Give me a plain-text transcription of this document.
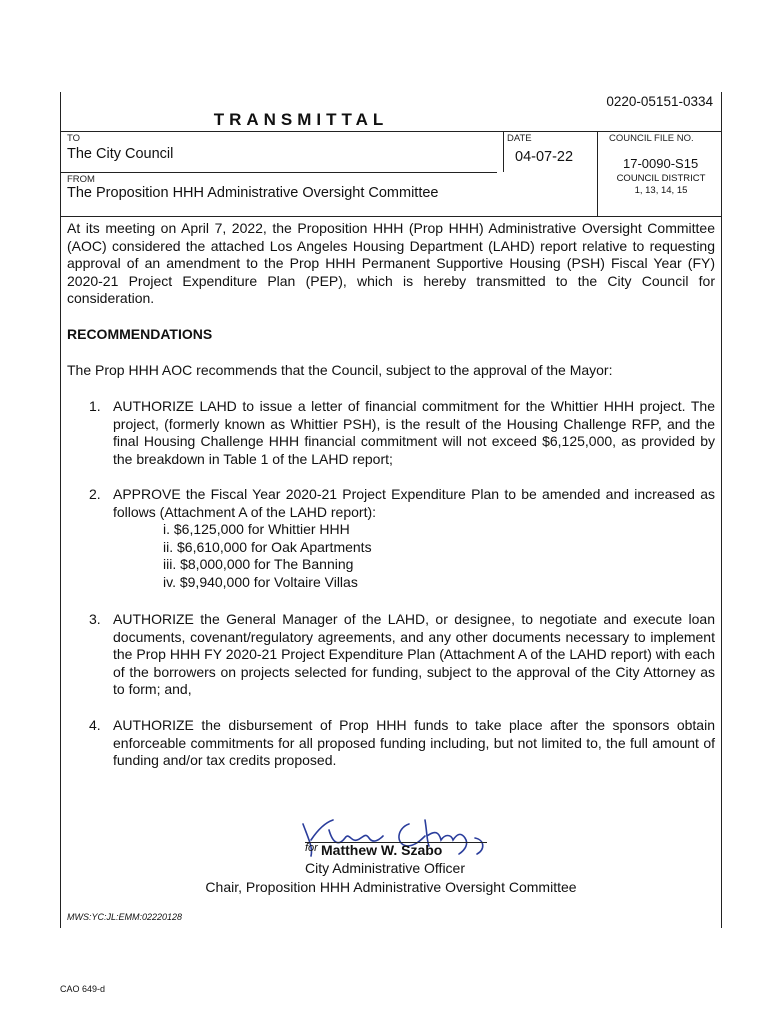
0220-05151-0334
TRANSMITTAL
TO
The City Council
DATE
04-07-22
COUNCIL FILE NO.
17-0090-S15
FROM
The Proposition HHH Administrative Oversight Committee
COUNCIL DISTRICT
1, 13, 14, 15
At its meeting on April 7, 2022, the Proposition HHH (Prop HHH) Administrative Oversight Committee (AOC) considered the attached Los Angeles Housing Department (LAHD) report relative to requesting approval of an amendment to the Prop HHH Permanent Supportive Housing (PSH) Fiscal Year (FY) 2020-21 Project Expenditure Plan (PEP), which is hereby transmitted to the City Council for consideration.
RECOMMENDATIONS
The Prop HHH AOC recommends that the Council, subject to the approval of the Mayor:
1. AUTHORIZE LAHD to issue a letter of financial commitment for the Whittier HHH project. The project, (formerly known as Whittier PSH), is the result of the Housing Challenge RFP, and the final Housing Challenge HHH financial commitment will not exceed $6,125,000, as provided by the breakdown in Table 1 of the LAHD report;
2. APPROVE the Fiscal Year 2020-21 Project Expenditure Plan to be amended and increased as follows (Attachment A of the LAHD report):
i. $6,125,000 for Whittier HHH
ii. $6,610,000 for Oak Apartments
iii. $8,000,000 for The Banning
iv. $9,940,000 for Voltaire Villas
3. AUTHORIZE the General Manager of the LAHD, or designee, to negotiate and execute loan documents, covenant/regulatory agreements, and any other documents necessary to implement the Prop HHH FY 2020-21 Project Expenditure Plan (Attachment A of the LAHD report) with each of the borrowers on projects selected for funding, subject to the approval of the City Attorney as to form; and,
4. AUTHORIZE the disbursement of Prop HHH funds to take place after the sponsors obtain enforceable commitments for all proposed funding including, but not limited to, the full amount of funding and/or tax credits proposed.
for Matthew W. Szabo
City Administrative Officer
Chair, Proposition HHH Administrative Oversight Committee
MWS:YC:JL:EMM:02220128
CAO 649-d
